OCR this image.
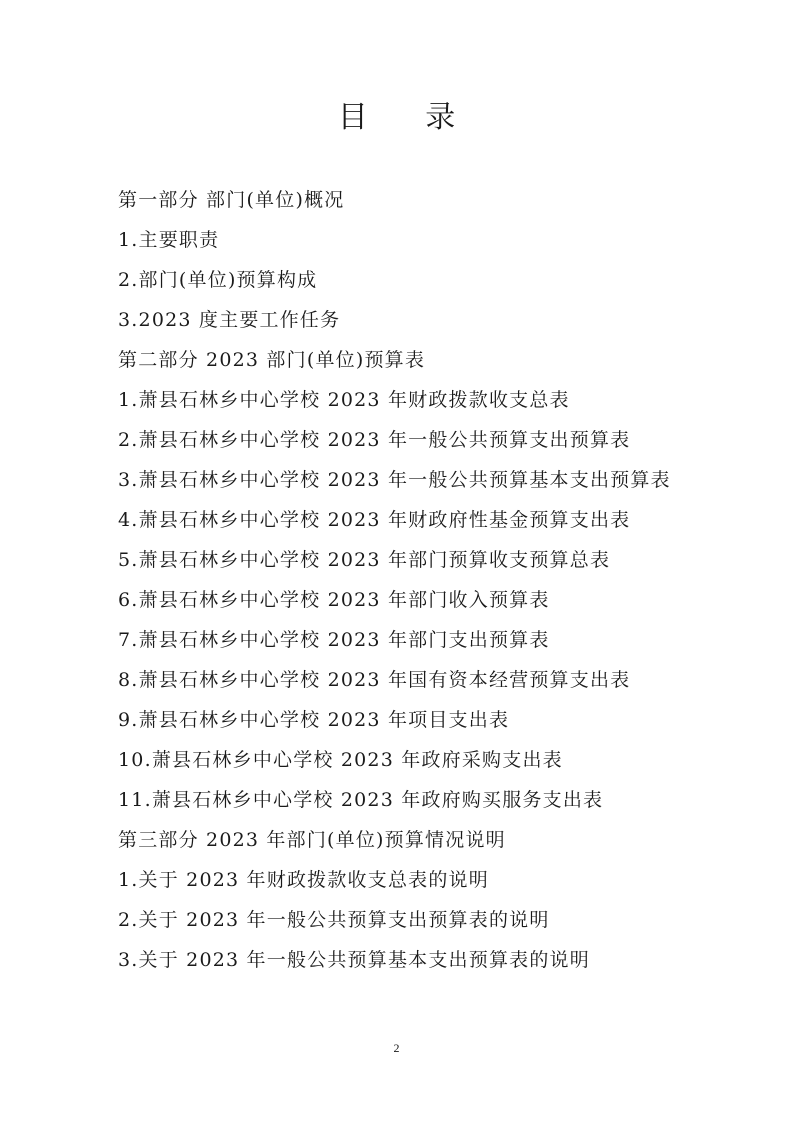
目 录
第一部分 部门(单位)概况
1.主要职责
2.部门(单位)预算构成
3.2023 度主要工作任务
第二部分 2023 部门(单位)预算表
1.萧县石林乡中心学校 2023 年财政拨款收支总表
2.萧县石林乡中心学校 2023 年一般公共预算支出预算表
3.萧县石林乡中心学校 2023 年一般公共预算基本支出预算表
4.萧县石林乡中心学校 2023 年财政府性基金预算支出表
5.萧县石林乡中心学校 2023 年部门预算收支预算总表
6.萧县石林乡中心学校 2023 年部门收入预算表
7.萧县石林乡中心学校 2023 年部门支出预算表
8.萧县石林乡中心学校 2023 年国有资本经营预算支出表
9.萧县石林乡中心学校 2023 年项目支出表
10.萧县石林乡中心学校 2023 年政府采购支出表
11.萧县石林乡中心学校 2023 年政府购买服务支出表
第三部分 2023 年部门(单位)预算情况说明
1.关于 2023 年财政拨款收支总表的说明
2.关于 2023 年一般公共预算支出预算表的说明
3.关于 2023 年一般公共预算基本支出预算表的说明
2
